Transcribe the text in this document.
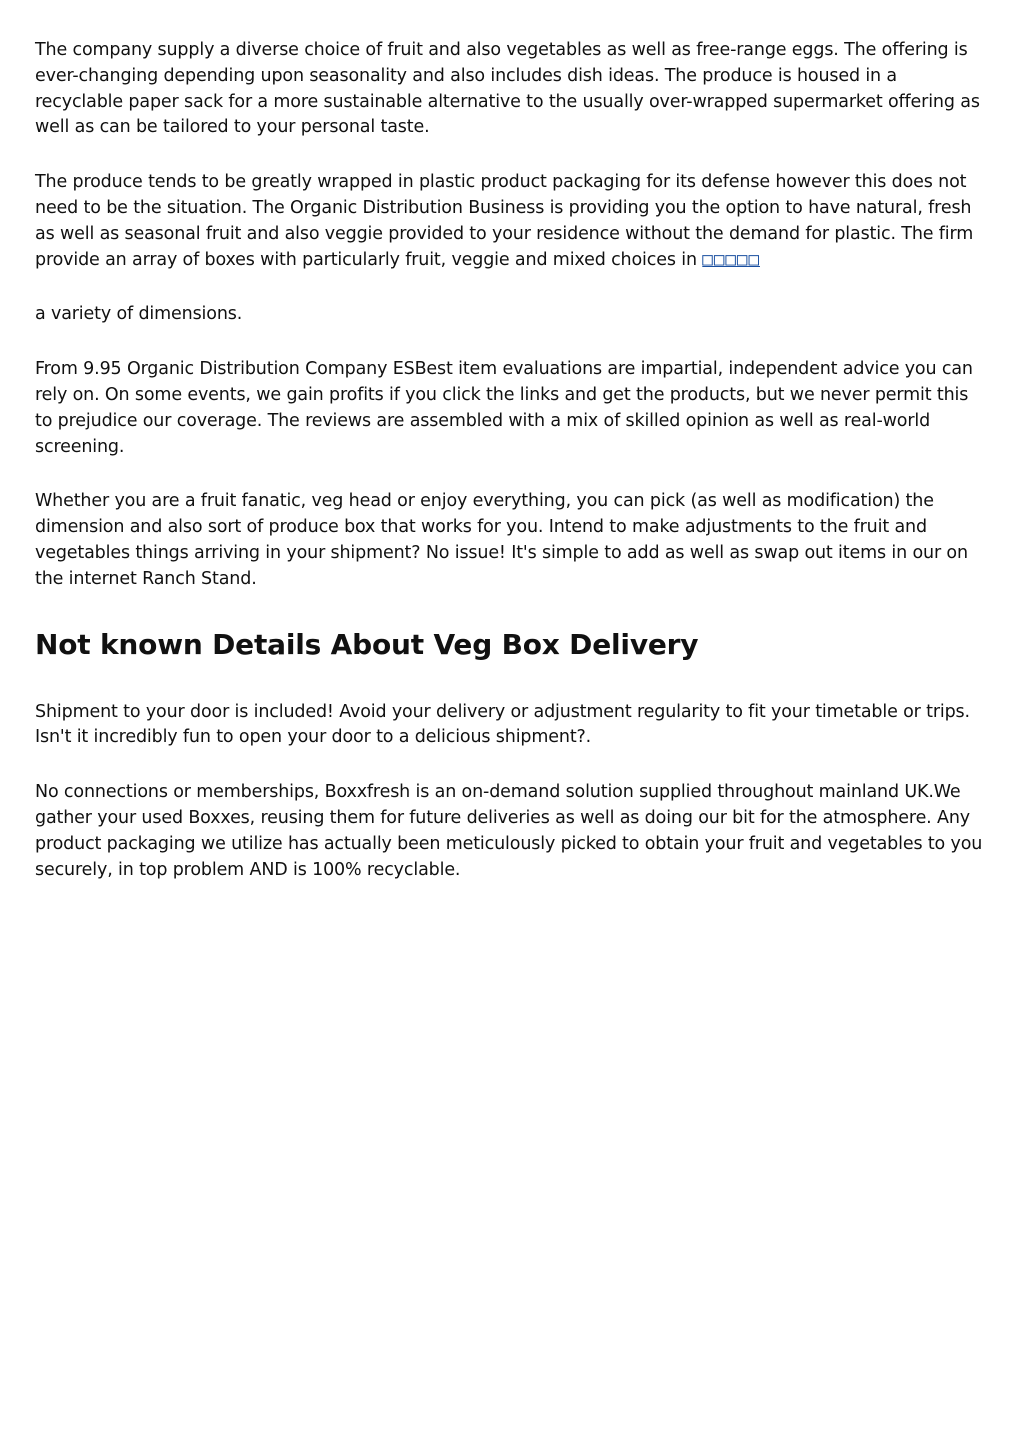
The company supply a diverse choice of fruit and also vegetables as well as free-range eggs. The offering is ever-changing depending upon seasonality and also includes dish ideas. The produce is housed in a recyclable paper sack for a more sustainable alternative to the usually over-wrapped supermarket offering as well as can be tailored to your personal taste.

The produce tends to be greatly wrapped in plastic product packaging for its defense however this does not need to be the situation. The Organic Distribution Business is providing you the option to have natural, fresh as well as seasonal fruit and also veggie provided to your residence without the demand for plastic. The firm provide an array of boxes with particularly fruit, veggie and mixed choices in □□□□□

a variety of dimensions.

From 9.95 Organic Distribution Company ESBest item evaluations are impartial, independent advice you can rely on. On some events, we gain profits if you click the links and get the products, but we never permit this to prejudice our coverage. The reviews are assembled with a mix of skilled opinion as well as real-world screening.

Whether you are a fruit fanatic, veg head or enjoy everything, you can pick (as well as modification) the dimension and also sort of produce box that works for you. Intend to make adjustments to the fruit and vegetables things arriving in your shipment? No issue! It's simple to add as well as swap out items in our on the internet Ranch Stand.

Not known Details About Veg Box Delivery

Shipment to your door is included! Avoid your delivery or adjustment regularity to fit your timetable or trips. Isn't it incredibly fun to open your door to a delicious shipment?.

No connections or memberships, Boxxfresh is an on-demand solution supplied throughout mainland UK.We gather your used Boxxes, reusing them for future deliveries as well as doing our bit for the atmosphere. Any product packaging we utilize has actually been meticulously picked to obtain your fruit and vegetables to you securely, in top problem AND is 100% recyclable.
